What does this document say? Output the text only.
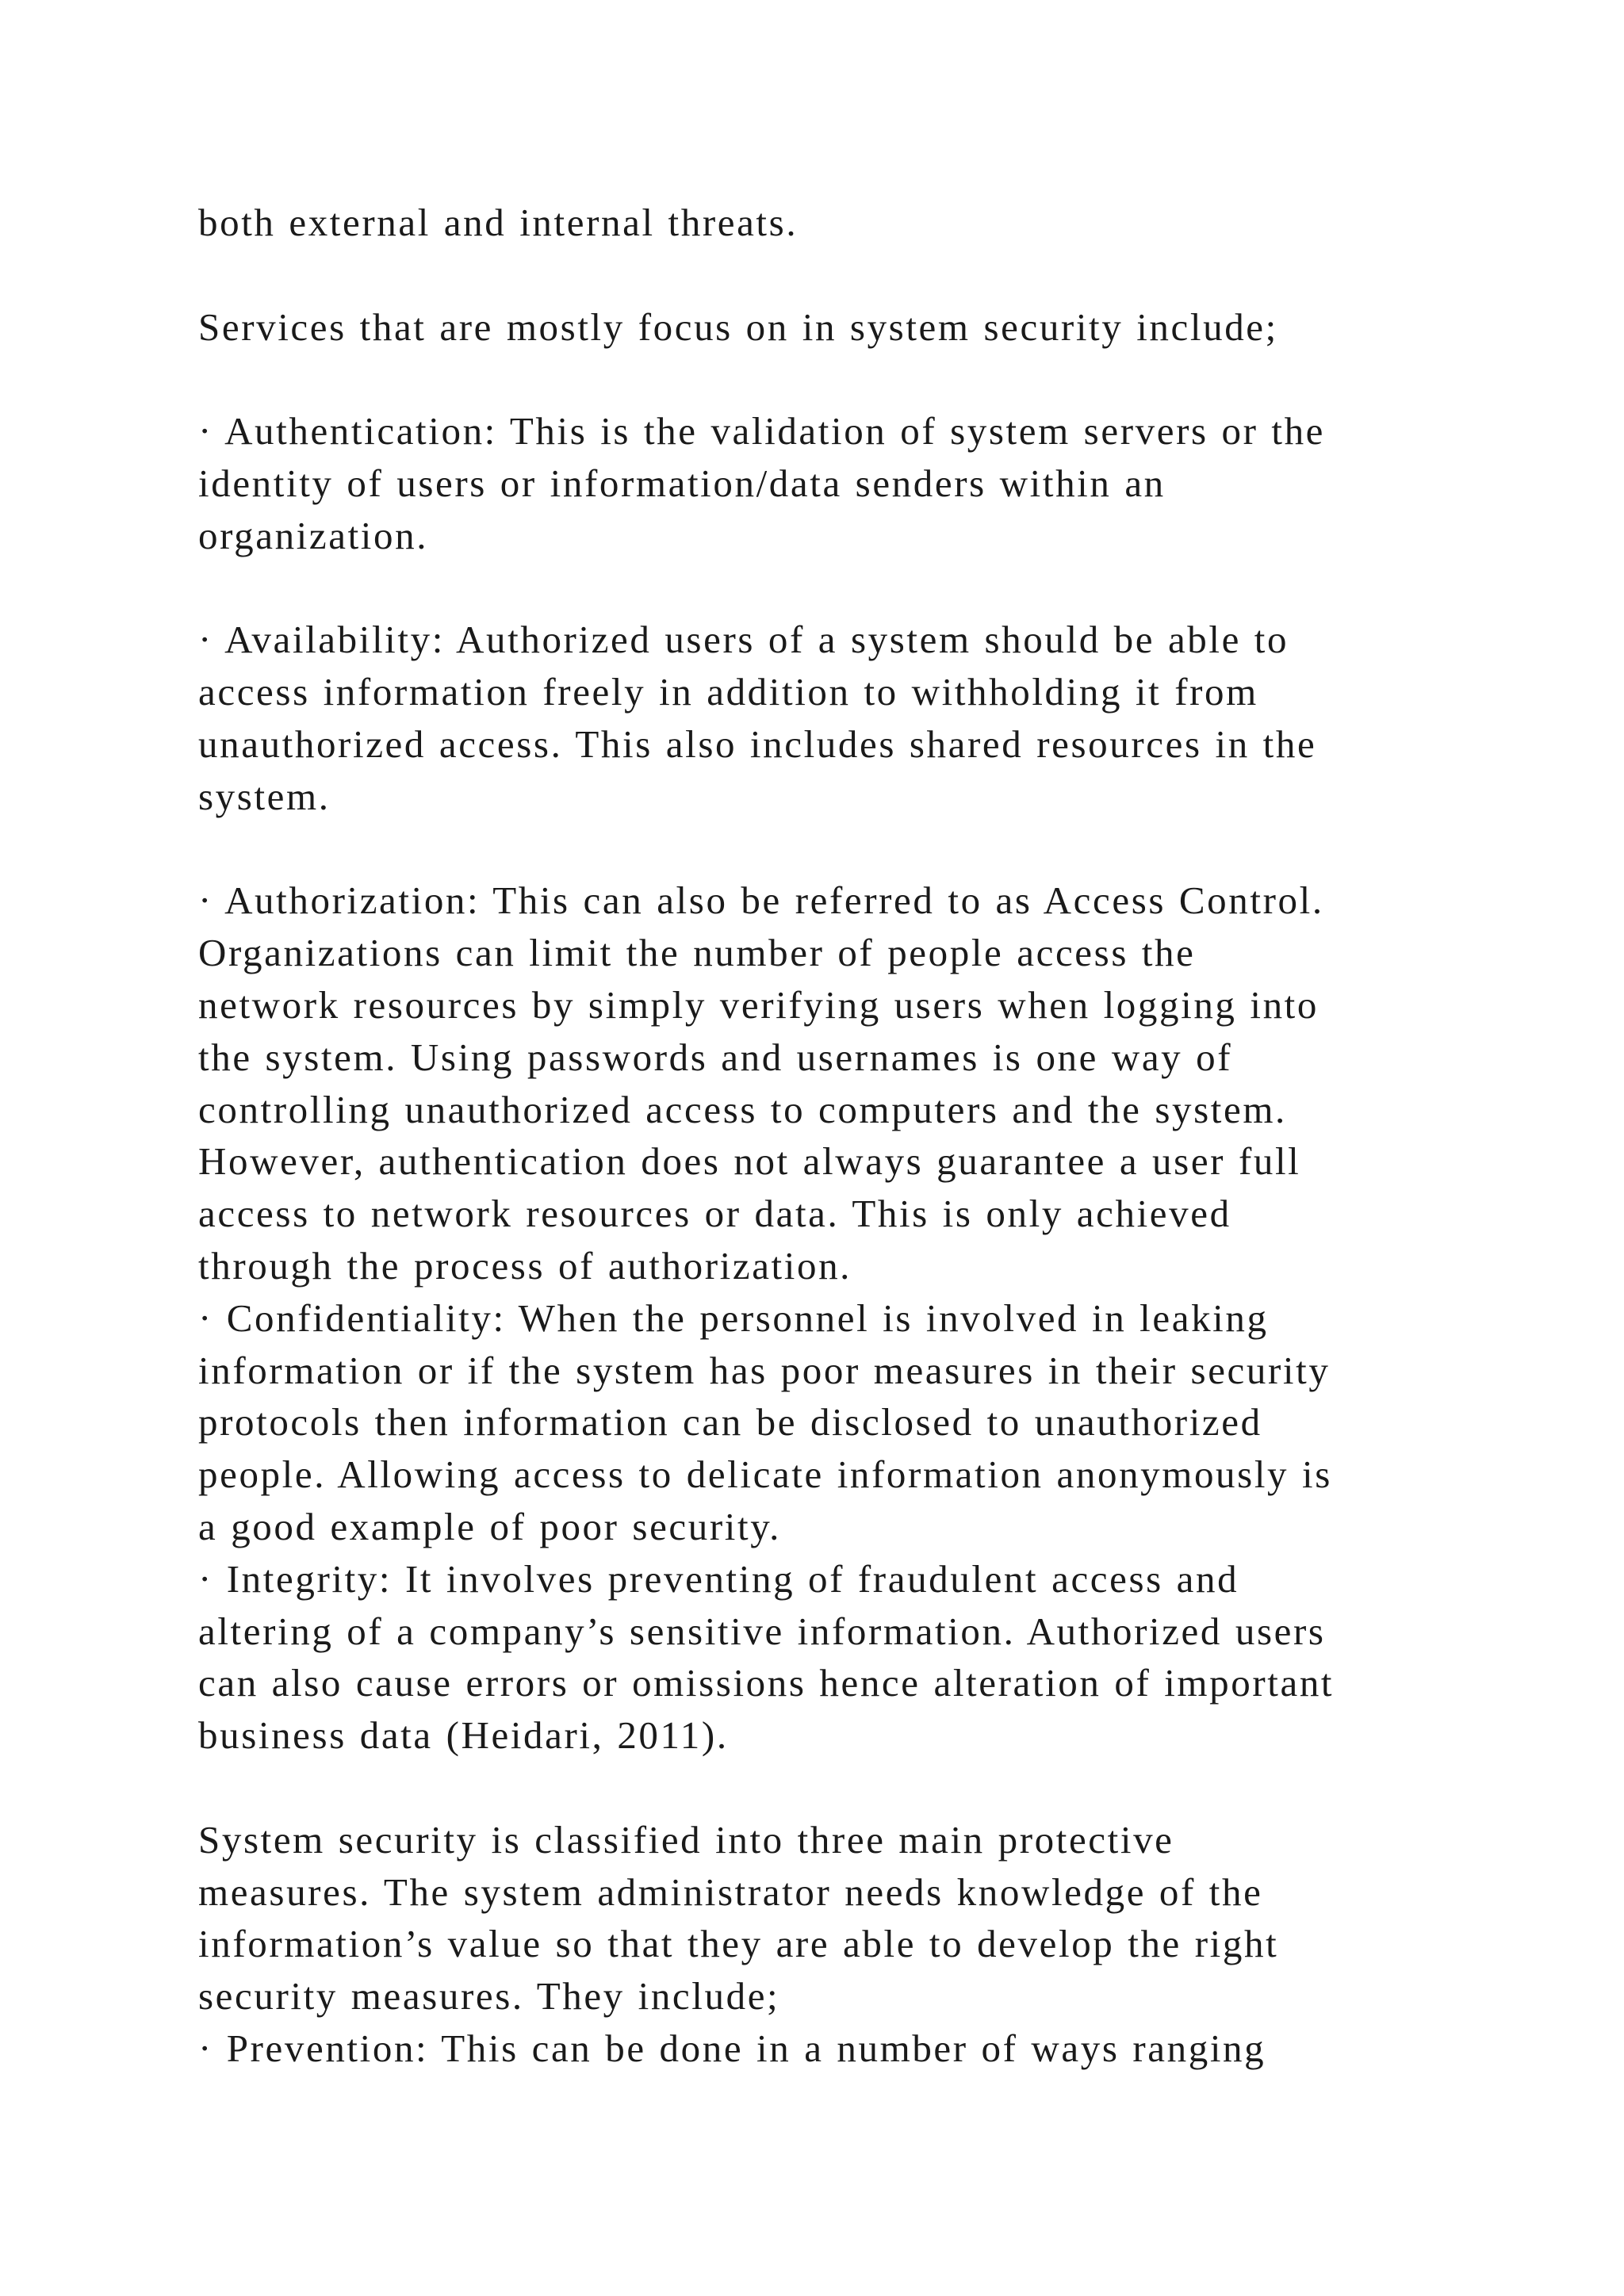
both external and internal threats.
Services that are mostly focus on in system security include;
· Authentication: This is the validation of system servers or the
identity of users or information/data senders within an
organization.
· Availability: Authorized users of a system should be able to
access information freely in addition to withholding it from
unauthorized access. This also includes shared resources in the
system.
· Authorization: This can also be referred to as Access Control.
Organizations can limit the number of people access the
network resources by simply verifying users when logging into
the system. Using passwords and usernames is one way of
controlling unauthorized access to computers and the system.
However, authentication does not always guarantee a user full
access to network resources or data. This is only achieved
through the process of authorization.
· Confidentiality: When the personnel is involved in leaking
information or if the system has poor measures in their security
protocols then information can be disclosed to unauthorized
people. Allowing access to delicate information anonymously is
a good example of poor security.
· Integrity: It involves preventing of fraudulent access and
altering of a company’s sensitive information. Authorized users
can also cause errors or omissions hence alteration of important
business data (Heidari, 2011).
System security is classified into three main protective
measures. The system administrator needs knowledge of the
information’s value so that they are able to develop the right
security measures. They include;
· Prevention: This can be done in a number of ways ranging
